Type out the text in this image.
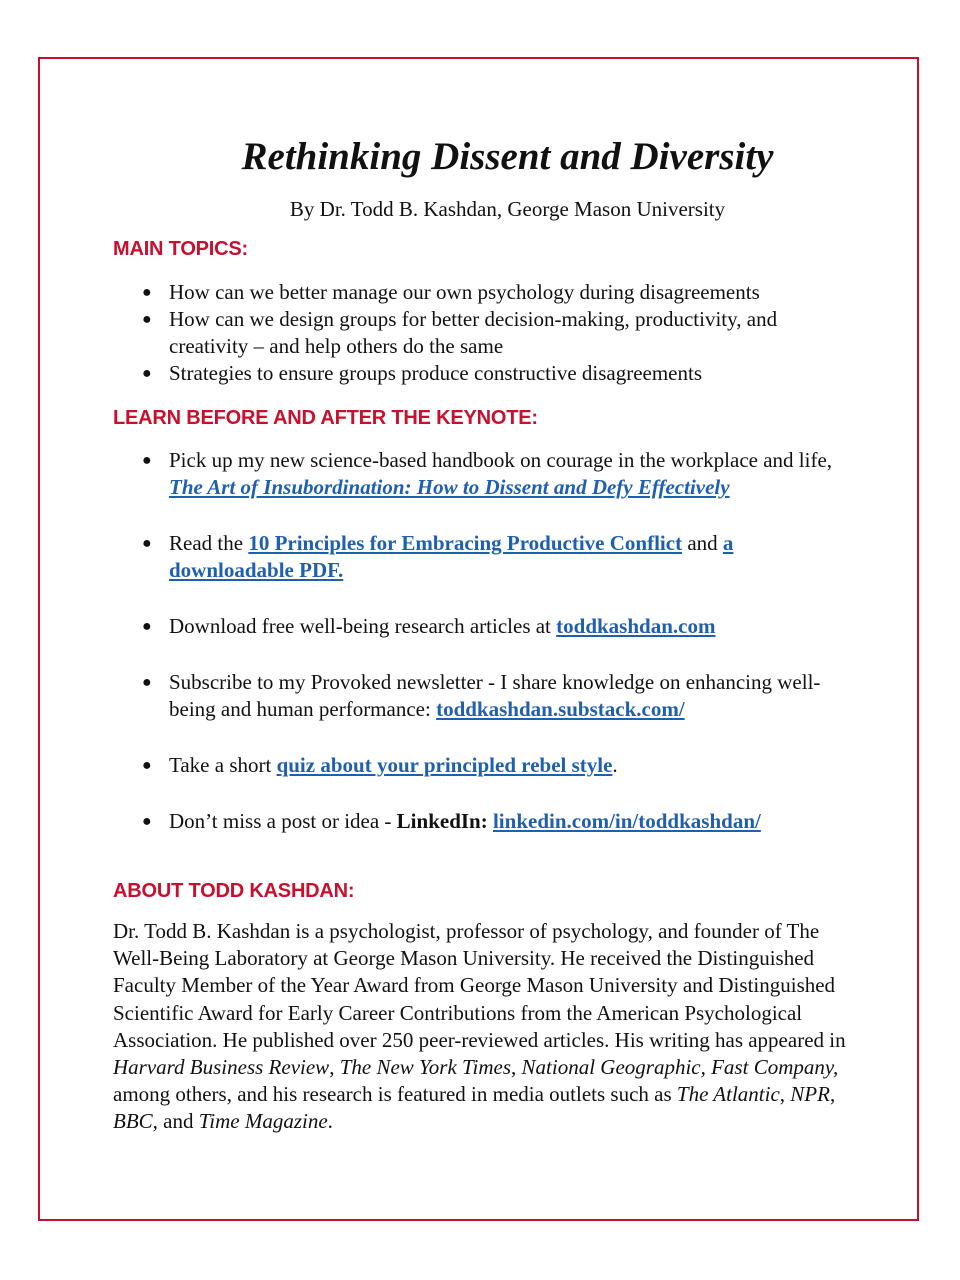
Rethinking Dissent and Diversity
By Dr. Todd B. Kashdan, George Mason University
MAIN TOPICS:
● How can we better manage our own psychology during disagreements
● How can we design groups for better decision-making, productivity, and creativity – and help others do the same
● Strategies to ensure groups produce constructive disagreements
LEARN BEFORE AND AFTER THE KEYNOTE:
● Pick up my new science-based handbook on courage in the workplace and life, The Art of Insubordination: How to Dissent and Defy Effectively
● Read the 10 Principles for Embracing Productive Conflict and a downloadable PDF.
● Download free well-being research articles at toddkashdan.com
● Subscribe to my Provoked newsletter - I share knowledge on enhancing well-being and human performance: toddkashdan.substack.com/
● Take a short quiz about your principled rebel style.
● Don’t miss a post or idea - LinkedIn: linkedin.com/in/toddkashdan/
ABOUT TODD KASHDAN:

Dr. Todd B. Kashdan is a psychologist, professor of psychology, and founder of The Well-Being Laboratory at George Mason University. He received the Distinguished Faculty Member of the Year Award from George Mason University and Distinguished Scientific Award for Early Career Contributions from the American Psychological Association. He published over 250 peer-reviewed articles. His writing has appeared in Harvard Business Review, The New York Times, National Geographic, Fast Company, among others, and his research is featured in media outlets such as The Atlantic, NPR, BBC, and Time Magazine.
